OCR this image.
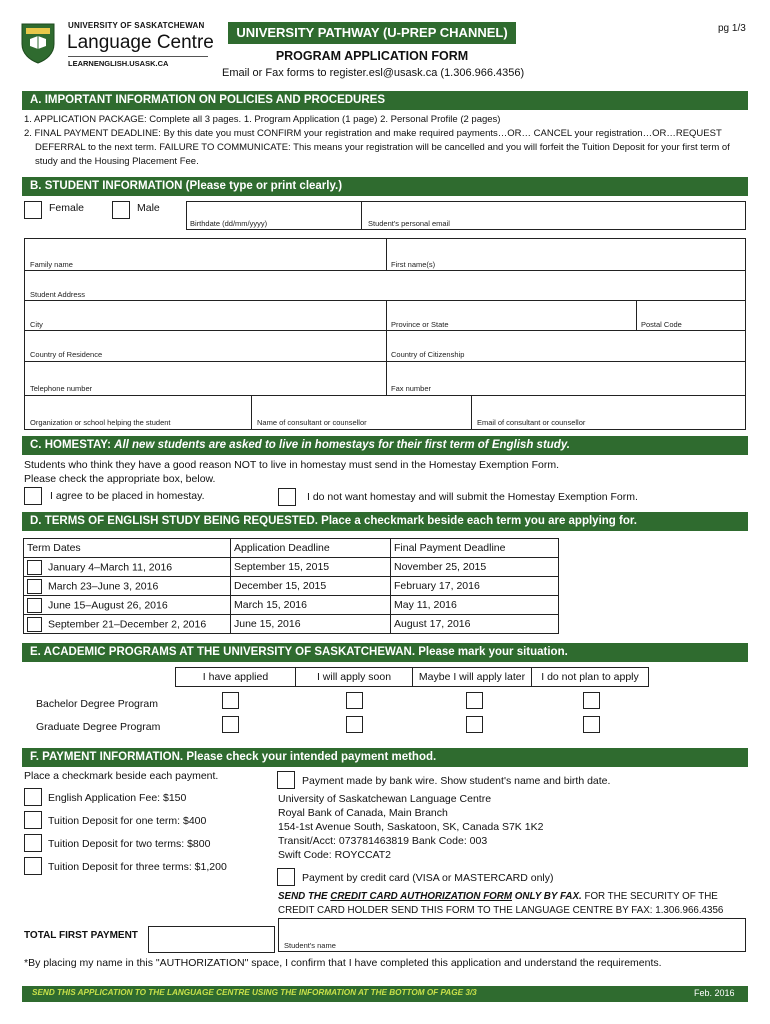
UNIVERSITY OF SASKATCHEWAN
Language Centre
LEARNENGLISH.USASK.CA
UNIVERSITY PATHWAY (U-PREP CHANNEL)
PROGRAM APPLICATION FORM
Email or Fax forms to register.esl@usask.ca (1.306.966.4356)
pg 1/3
A. IMPORTANT INFORMATION ON POLICIES AND PROCEDURES
1. APPLICATION PACKAGE: Complete all 3 pages. 1. Program Application (1 page) 2. Personal Profile (2 pages)
2. FINAL PAYMENT DEADLINE: By this date you must CONFIRM your registration and make required payments…OR… CANCEL your registration…OR…REQUEST
DEFERRAL to the next term. FAILURE TO COMMUNICATE: This means your registration will be cancelled and you will forfeit the Tuition Deposit for your first term of
study and the Housing Placement Fee.
B. STUDENT INFORMATION (Please type or print clearly.)
Female	Male
Birthdate (dd/mm/yyyy)	Student's personal email
Family name	First name(s)
Student Address
City	Province or State	Postal Code
Country of Residence	Country of Citizenship
Telephone number	Fax number
Organization or school helping the student	Name of consultant or counsellor	Email of consultant or counsellor
C. HOMESTAY: All new students are asked to live in homestays for their first term of English study.
Students who think they have a good reason NOT to live in homestay must send in the Homestay Exemption Form.
Please check the appropriate box, below.
I agree to be placed in homestay.	I do not want homestay and will submit the Homestay Exemption Form.
D. TERMS OF ENGLISH STUDY BEING REQUESTED. Place a checkmark beside each term you are applying for.
Term Dates	Application Deadline	Final Payment Deadline
January 4–March 11, 2016	September 15, 2015	November 25, 2015
March 23–June 3, 2016	December 15, 2015	February 17, 2016
June 15–August 26, 2016	March 15, 2016	May 11, 2016
September 21–December 2, 2016	June 15, 2016	August 17, 2016
E. ACADEMIC PROGRAMS AT THE UNIVERSITY OF SASKATCHEWAN. Please mark your situation.
I have applied	I will apply soon	Maybe I will apply later	I do not plan to apply
Bachelor Degree Program
Graduate Degree Program
F. PAYMENT INFORMATION. Please check your intended payment method.
Place a checkmark beside each payment.
English Application Fee: $150
Tuition Deposit for one term: $400
Tuition Deposit for two terms: $800
Tuition Deposit for three terms: $1,200
Payment made by bank wire. Show student's name and birth date.
University of Saskatchewan Language Centre
Royal Bank of Canada, Main Branch
154-1st Avenue South, Saskatoon, SK, Canada S7K 1K2
Transit/Acct: 073781463819 Bank Code: 003
Swift Code: ROYCCAT2
Payment by credit card (VISA or MASTERCARD only)
SEND THE CREDIT CARD AUTHORIZATION FORM ONLY BY FAX. FOR THE SECURITY OF THE
CREDIT CARD HOLDER SEND THIS FORM TO THE LANGUAGE CENTRE BY FAX: 1.306.966.4356
TOTAL FIRST PAYMENT
Student's name
*By placing my name in this "AUTHORIZATION" space, I confirm that I have completed this application and understand the requirements.
SEND THIS APPLICATION TO THE LANGUAGE CENTRE USING THE INFORMATION AT THE BOTTOM OF PAGE 3/3	Feb. 2016
